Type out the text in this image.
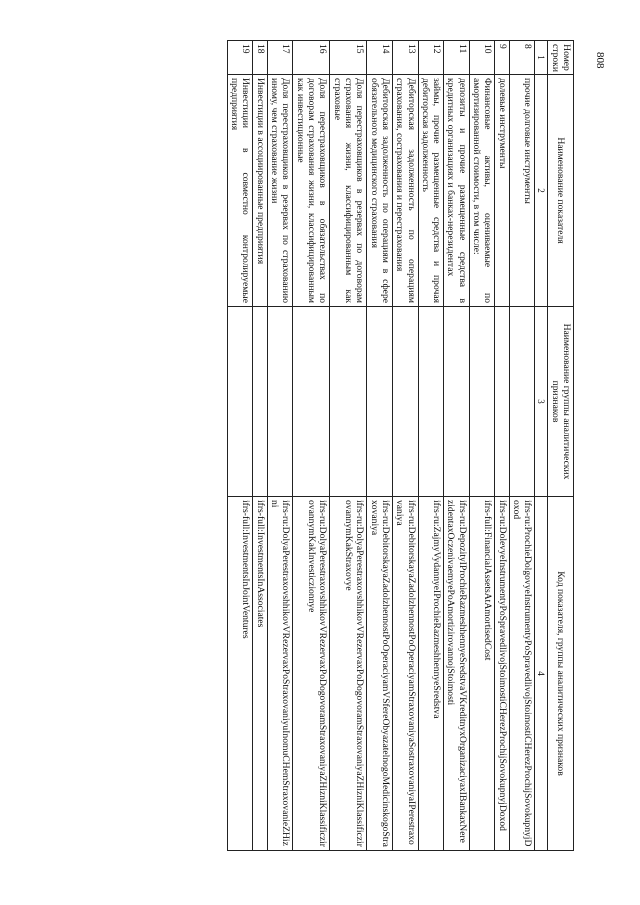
Номер строки	Наименование показателя	Наименование группы аналитических признаков	Код показателя, группы аналитических признаков
1	2	3	4
8	прочие долговые инструменты		ifrs-ru:ProchieDolgovyeInstrumentyPoSpravedlivojStoimostiCHerezProchijSovokupnyjDoxod
9	долевые инструменты		ifrs-ru:DolevyeInstrumentyPoSpravedlivojStoimostiCHerezProchijSovokupnyjDoxod
10	Финансовые активы, оцениваемые по амортизированной стоимости, в том числе:		ifrs-full:FinancialAssetsAtAmortisedCost
11	депозиты и прочие размещенные средства в кредитных организациях и банках-нерезидентах		ifrs-ru:DepozityIProchieRazmeshhennyeSredstvaVKreditnyxOrganizaciyaxIBankaxNerezidentaxOczenivaemyePoAmortizirovannojStoimosti
12	займы, прочие размещенные средства и прочая дебиторская задолженность		ifrs-ru:ZajmyVydannyeIProchieRazmeshhennyeSredstva
13	Дебиторская задолженность по операциям страхования, сострахования и перестрахования		ifrs-ru:DebitorskayaZadolzhennostPoOperaciyamStraxovaniyaSostraxovaniyaIPerestraxovaniya
14	Дебиторская задолженность по операциям в сфере обязательного медицинского страхования		ifrs-ru:DebitorskayaZadolzhennostPoOperaciyamVSfereObyazatelnogoMedicinskogoStraxovaniya
15	Доля перестраховщиков в резервах по договорам страхования жизни, классифицированным как страховые		ifrs-ru:DolyaPerestraxovshhikovVRezervaxPoDogovoramStraxovaniyaZHizniKlassificzirovannymKakStraxovye
16	Доля перестраховщиков в обязательствах по договорам страхования жизни, классифицированным как инвестиционные		ifrs-ru:DolyaPerestraxovshhikovVRezervaxPoDogovoramStraxovaniyaZHizniKlassificzirovannymKakInvesticzionnye
17	Доля перестраховщиков в резервах по страхованию иному, чем страхование жизни		ifrs-ru:DolyaPerestraxovshhikovVRezervaxPoStraxovaniyuInomuCHemStraxovanieZHizni
18	Инвестиции в ассоциированные предприятия		ifrs-full:InvestmentsInAssociates
19	Инвестиции в совместно контролируемые предприятия		ifrs-full:InvestmentsInJointVentures
808
